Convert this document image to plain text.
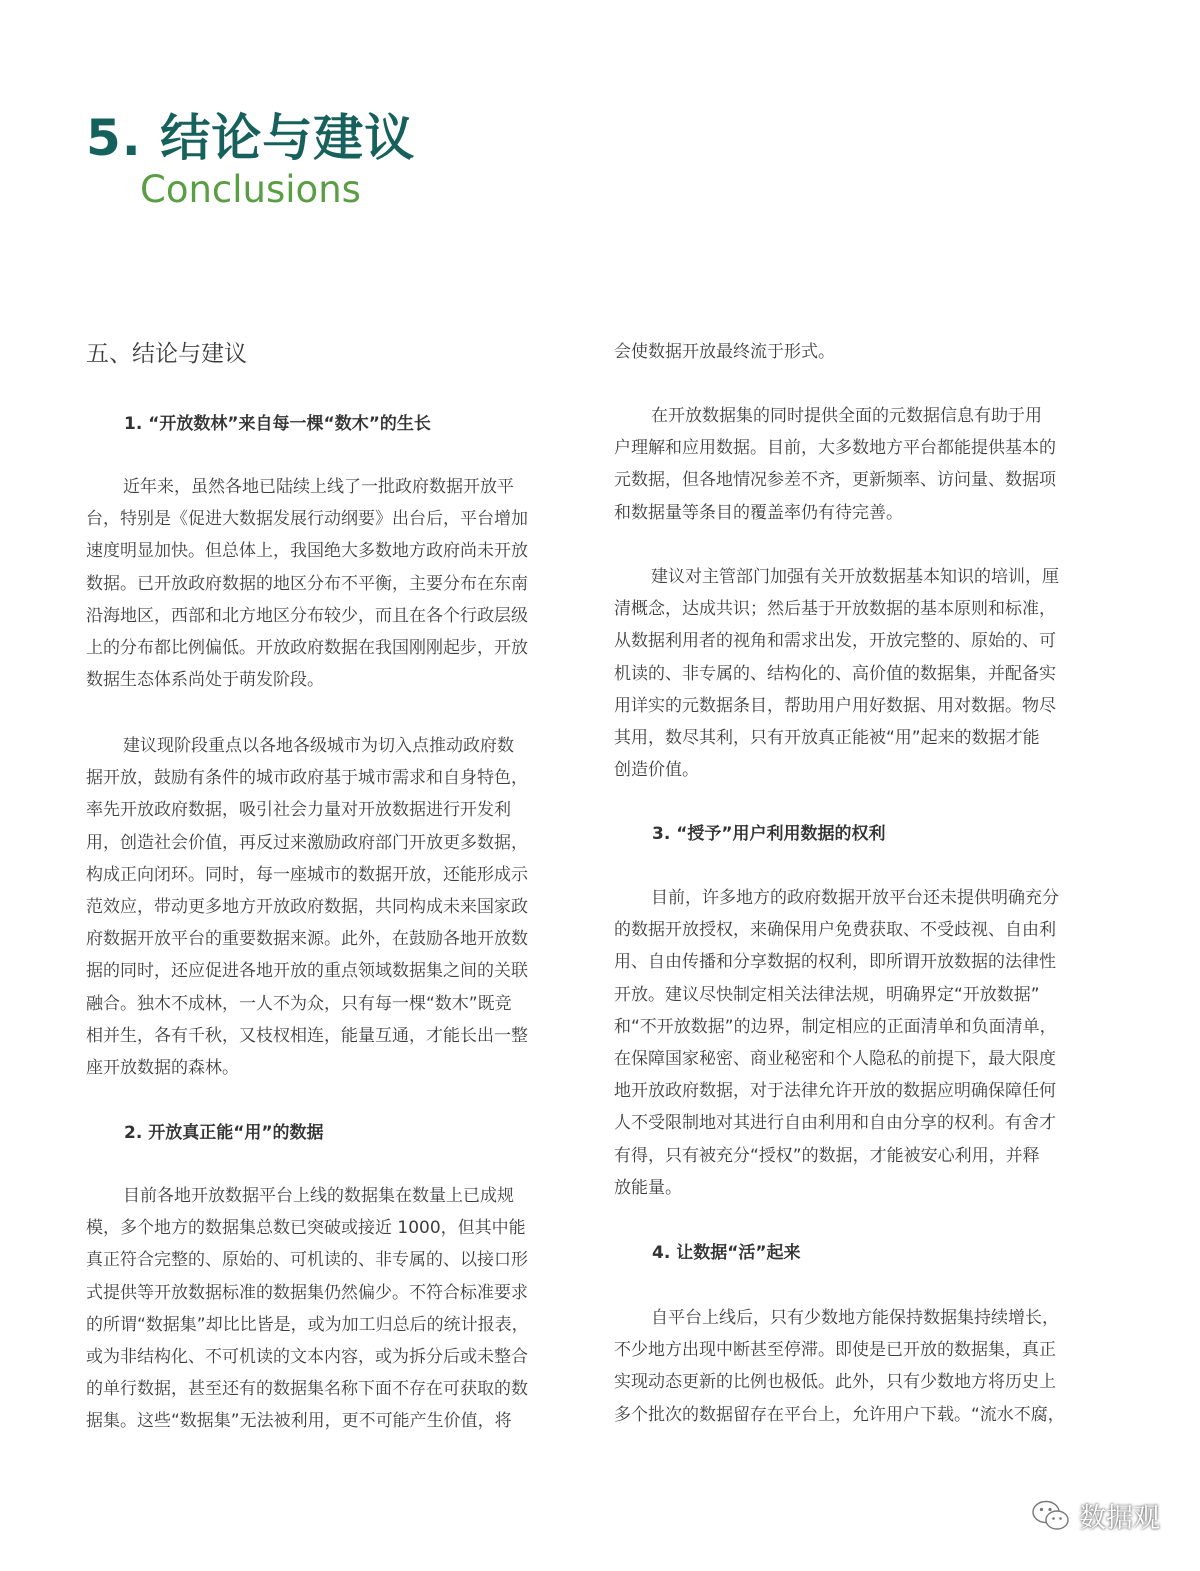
5. 结论与建议
Conclusions
五、结论与建议
1. “开放数林”来自每一棵“数木”的生长
近年来，虽然各地已陆续上线了一批政府数据开放平
台，特别是《促进大数据发展行动纲要》出台后，平台增加
速度明显加快。但总体上，我国绝大多数地方政府尚未开放
数据。已开放政府数据的地区分布不平衡，主要分布在东南
沿海地区，西部和北方地区分布较少，而且在各个行政层级
上的分布都比例偏低。开放政府数据在我国刚刚起步，开放
数据生态体系尚处于萌发阶段。
建议现阶段重点以各地各级城市为切入点推动政府数
据开放，鼓励有条件的城市政府基于城市需求和自身特色，
率先开放政府数据，吸引社会力量对开放数据进行开发利
用，创造社会价值，再反过来激励政府部门开放更多数据，
构成正向闭环。同时，每一座城市的数据开放，还能形成示
范效应，带动更多地方开放政府数据，共同构成未来国家政
府数据开放平台的重要数据来源。此外，在鼓励各地开放数
据的同时，还应促进各地开放的重点领域数据集之间的关联
融合。独木不成林，一人不为众，只有每一棵“数木”既竞
相并生，各有千秋，又枝杈相连，能量互通，才能长出一整
座开放数据的森林。
2. 开放真正能“用”的数据
目前各地开放数据平台上线的数据集在数量上已成规
模，多个地方的数据集总数已突破或接近 1000，但其中能
真正符合完整的、原始的、可机读的、非专属的、以接口形
式提供等开放数据标准的数据集仍然偏少。不符合标准要求
的所谓“数据集”却比比皆是，或为加工归总后的统计报表，
或为非结构化、不可机读的文本内容，或为拆分后或未整合
的单行数据，甚至还有的数据集名称下面不存在可获取的数
据集。这些“数据集”无法被利用，更不可能产生价值，将
会使数据开放最终流于形式。
在开放数据集的同时提供全面的元数据信息有助于用
户理解和应用数据。目前，大多数地方平台都能提供基本的
元数据，但各地情况参差不齐，更新频率、访问量、数据项
和数据量等条目的覆盖率仍有待完善。
建议对主管部门加强有关开放数据基本知识的培训，厘
清概念，达成共识；然后基于开放数据的基本原则和标准，
从数据利用者的视角和需求出发，开放完整的、原始的、可
机读的、非专属的、结构化的、高价值的数据集，并配备实
用详实的元数据条目，帮助用户用好数据、用对数据。物尽
其用，数尽其利，只有开放真正能被“用”起来的数据才能
创造价值。
3. “授予”用户利用数据的权利
目前，许多地方的政府数据开放平台还未提供明确充分
的数据开放授权，来确保用户免费获取、不受歧视、自由利
用、自由传播和分享数据的权利，即所谓开放数据的法律性
开放。建议尽快制定相关法律法规，明确界定“开放数据”
和“不开放数据”的边界，制定相应的正面清单和负面清单，
在保障国家秘密、商业秘密和个人隐私的前提下，最大限度
地开放政府数据，对于法律允许开放的数据应明确保障任何
人不受限制地对其进行自由利用和自由分享的权利。有舍才
有得，只有被充分“授权”的数据，才能被安心利用，并释
放能量。
4. 让数据“活”起来
自平台上线后，只有少数地方能保持数据集持续增长，
不少地方出现中断甚至停滞。即使是已开放的数据集，真正
实现动态更新的比例也极低。此外，只有少数地方将历史上
多个批次的数据留存在平台上，允许用户下载。“流水不腐，
数据观
